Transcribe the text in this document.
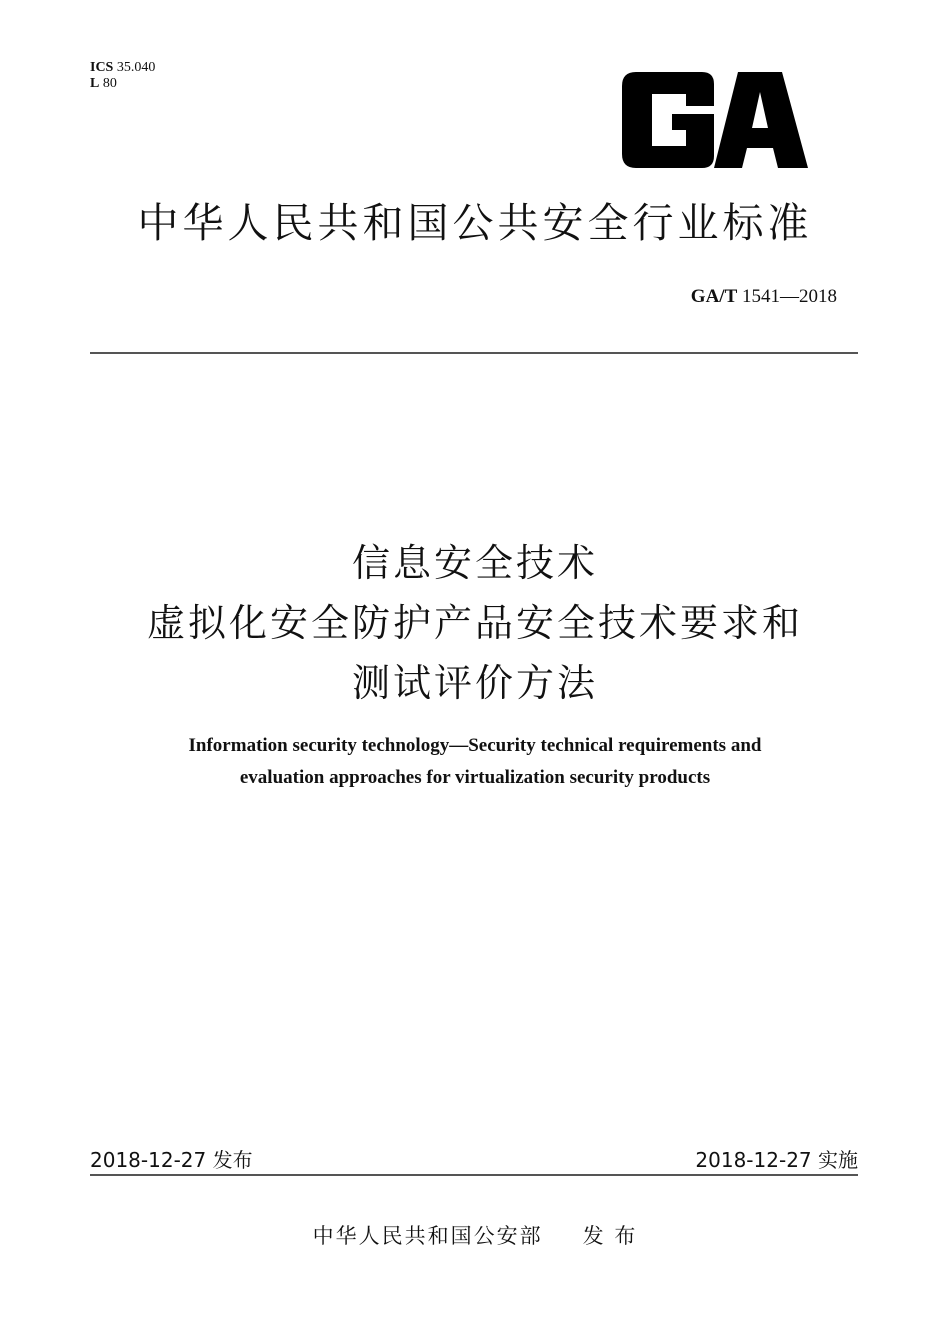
ICS 35.040
L 80
中华人民共和国公共安全行业标准
GA/T 1541—2018
信息安全技术
虚拟化安全防护产品安全技术要求和
测试评价方法
Information security technology—Security technical requirements and
evaluation approaches for virtualization security products
2018-12-27 发布	2018-12-27 实施
中华人民共和国公安部 发 布
